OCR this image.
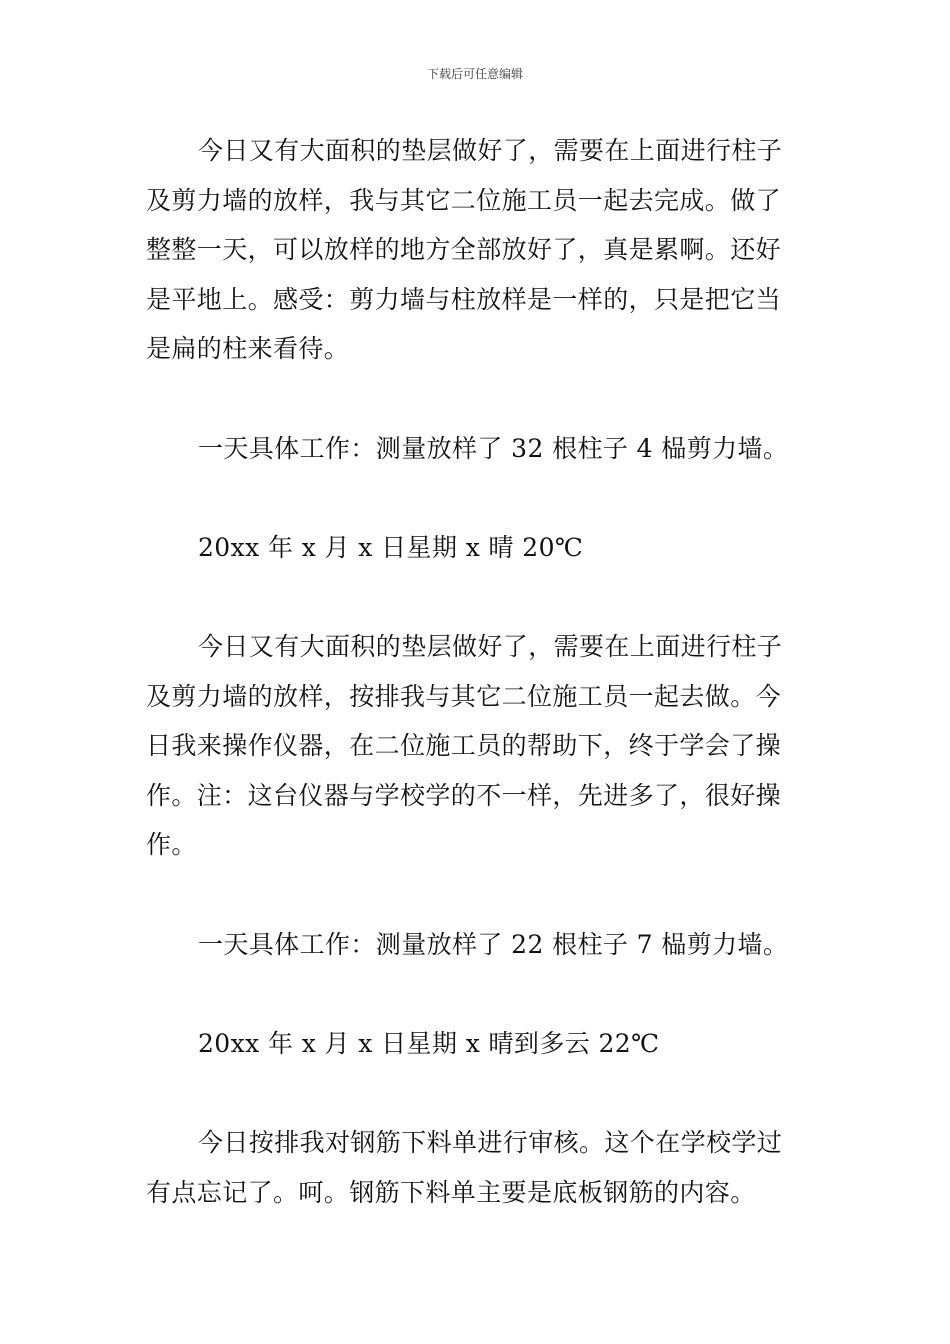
下载后可任意编辑
今日又有大面积的垫层做好了，需要在上面进行柱子
及剪力墙的放样，我与其它二位施工员一起去完成。做了
整整一天，可以放样的地方全部放好了，真是累啊。还好
是平地上。感受：剪力墙与柱放样是一样的，只是把它当
是扁的柱来看待。
一天具体工作：测量放样了 32 根柱子 4 榀剪力墙。
20xx 年 x 月 x 日星期 x 晴 20℃
今日又有大面积的垫层做好了，需要在上面进行柱子
及剪力墙的放样，按排我与其它二位施工员一起去做。今
日我来操作仪器，在二位施工员的帮助下，终于学会了操
作。注：这台仪器与学校学的不一样，先进多了，很好操
作。
一天具体工作：测量放样了 22 根柱子 7 榀剪力墙。
20xx 年 x 月 x 日星期 x 晴到多云 22℃
今日按排我对钢筋下料单进行审核。这个在学校学过
有点忘记了。呵。钢筋下料单主要是底板钢筋的内容。
